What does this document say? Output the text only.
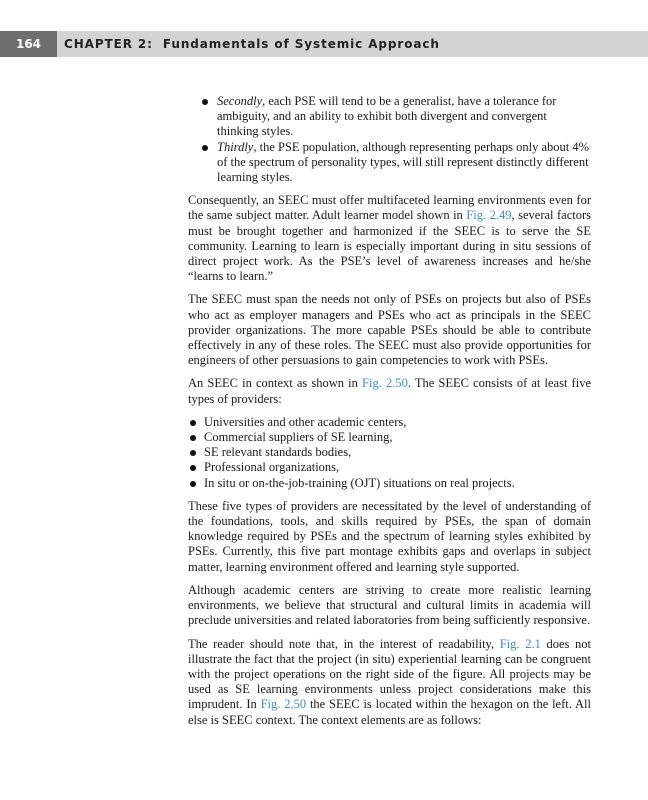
164	CHAPTER 2: Fundamentals of Systemic Approach
Secondly, each PSE will tend to be a generalist, have a tolerance for ambiguity, and an ability to exhibit both divergent and convergent thinking styles.
Thirdly, the PSE population, although representing perhaps only about 4% of the spectrum of personality types, will still represent distinctly different learning styles.

Consequently, an SEEC must offer multifaceted learning environments even for the same subject matter. Adult learner model shown in Fig. 2.49, several factors must be brought together and harmonized if the SEEC is to serve the SE community. Learning to learn is especially important during in situ sessions of direct project work. As the PSE’s level of awareness increases and he/she “learns to learn.”

The SEEC must span the needs not only of PSEs on projects but also of PSEs who act as employer managers and PSEs who act as principals in the SEEC provider organizations. The more capable PSEs should be able to contribute effectively in any of these roles. The SEEC must also provide opportunities for engineers of other persuasions to gain competencies to work with PSEs.

An SEEC in context as shown in Fig. 2.50. The SEEC consists of at least five types of providers:

Universities and other academic centers,
Commercial suppliers of SE learning,
SE relevant standards bodies,
Professional organizations,
In situ or on-the-job-training (OJT) situations on real projects.

These five types of providers are necessitated by the level of understanding of the foundations, tools, and skills required by PSEs, the span of domain knowledge required by PSEs and the spectrum of learning styles exhibited by PSEs. Currently, this five part montage exhibits gaps and overlaps in subject matter, learning environment offered and learning style supported.

Although academic centers are striving to create more realistic learning environments, we believe that structural and cultural limits in academia will preclude universities and related laboratories from being sufficiently responsive.

The reader should note that, in the interest of readability, Fig. 2.1 does not illustrate the fact that the project (in situ) experiential learning can be congruent with the project operations on the right side of the figure. All projects may be used as SE learning environments unless project considerations make this imprudent. In Fig. 2.50 the SEEC is located within the hexagon on the left. All else is SEEC context. The context elements are as follows:
